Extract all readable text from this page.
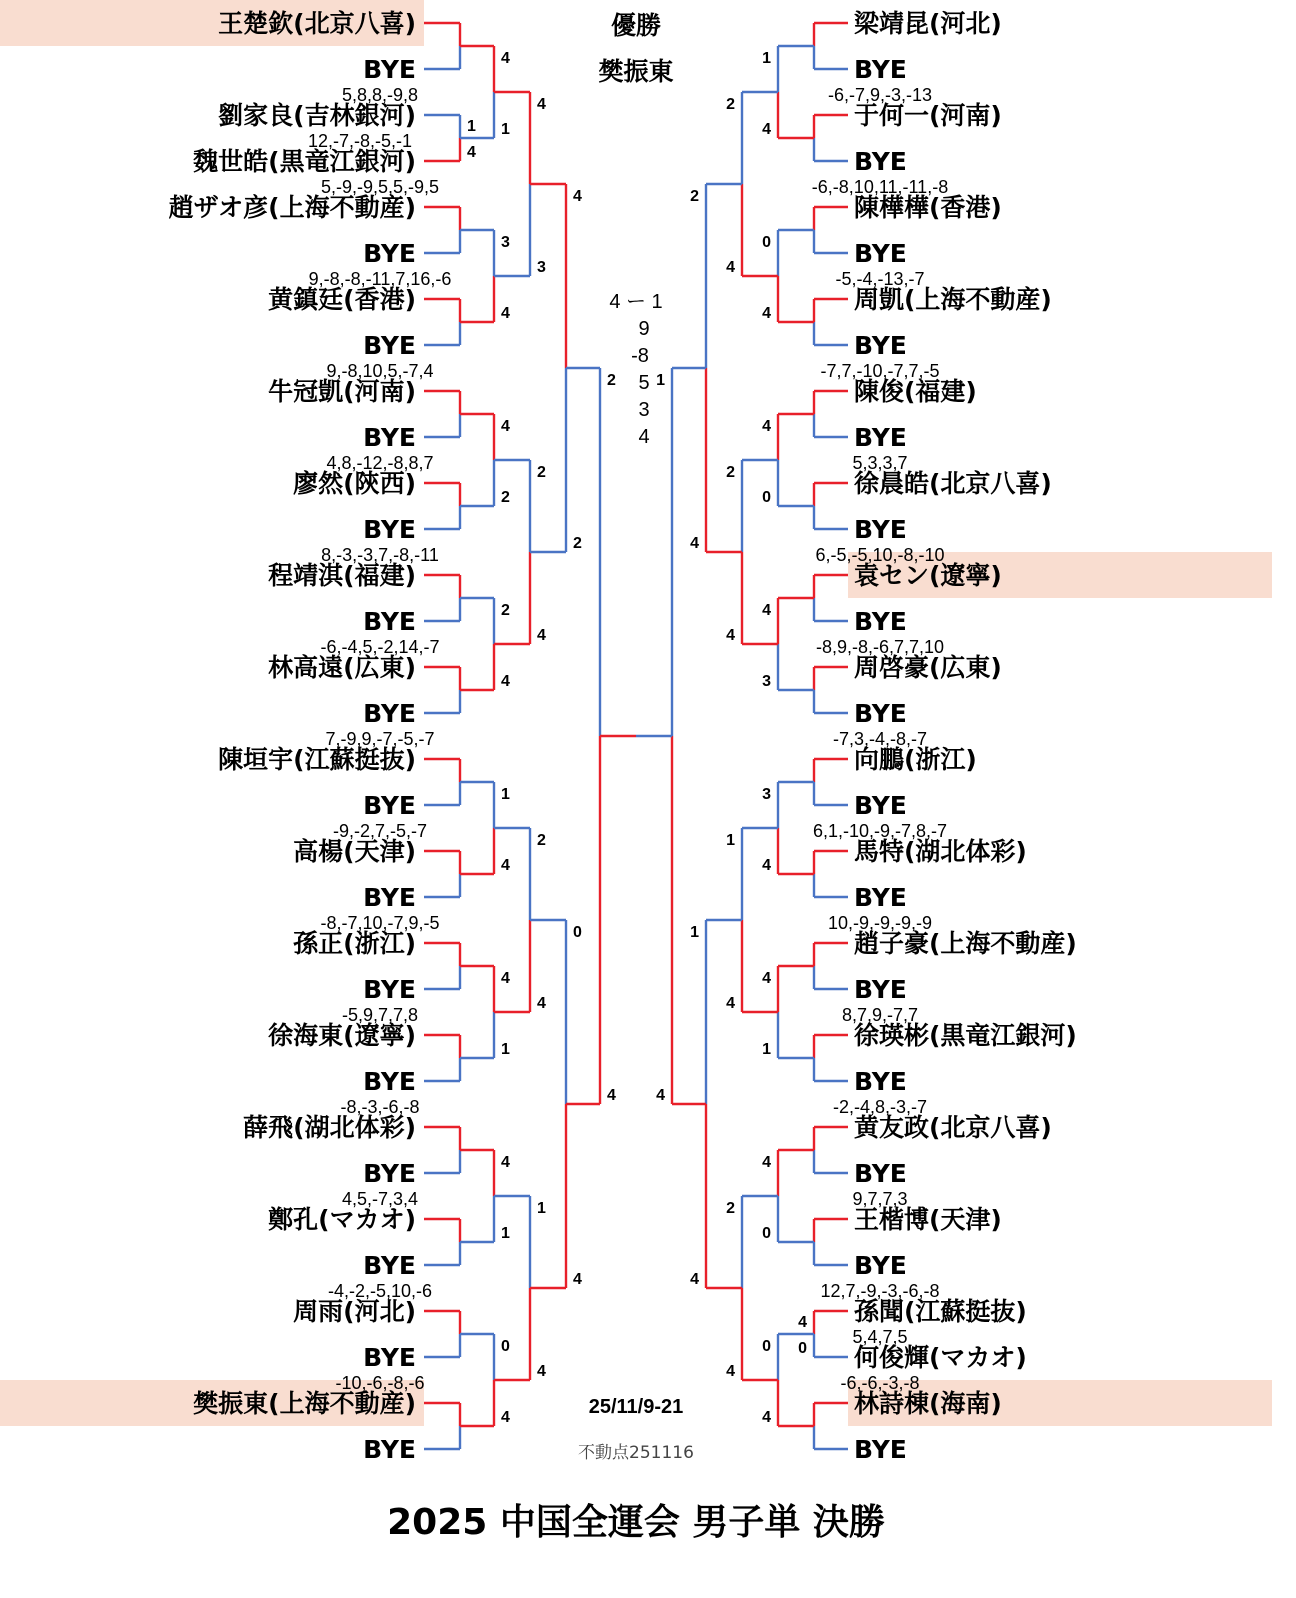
王楚欽(北京八喜)
BYE
劉家良(吉林銀河)
魏世皓(黒竜江銀河)
1
4
5,8,8,-9,8
12,-7,-8,-5,-1
趙ザオ彦(上海不動産)
BYE
5,-9,-9,5,5,-9,5
黄鎮廷(香港)
BYE
9,-8,-8,-11,7,16,-6
牛冠凱(河南)
BYE
9,-8,10,5,-7,4
廖然(陝西)
BYE
4,8,-12,-8,8,7
程靖淇(福建)
BYE
8,-3,-3,7,-8,-11
林高遠(広東)
BYE
-6,-4,5,-2,14,-7
陳垣宇(江蘇挺抜)
BYE
7,-9,9,-7,-5,-7
高楊(天津)
BYE
-9,-2,7,-5,-7
孫正(浙江)
BYE
-8,-7,10,-7,9,-5
徐海東(遼寧)
BYE
-5,9,7,7,8
薛飛(湖北体彩)
BYE
-8,-3,-6,-8
鄭孔(マカオ)
BYE
4,5,-7,3,4
周雨(河北)
BYE
-4,-2,-5,10,-6
樊振東(上海不動産)
BYE
-10,-6,-8,-6
4
1
3
4
4
2
2
4
1
4
4
1
4
1
0
4
4
3
2
4
2
4
1
4
4
2
0
4
2
4
梁靖昆(河北)
BYE
于何一(河南)
BYE
-6,-7,9,-3,-13
陳樺樺(香港)
BYE
-6,-8,10,11,-11,-8
周凱(上海不動産)
BYE
-5,-4,-13,-7
陳俊(福建)
BYE
-7,7,-10,-7,7,-5
徐晨皓(北京八喜)
BYE
5,3,3,7
袁セン(遼寧)
BYE
6,-5,-5,10,-8,-10
周啓豪(広東)
BYE
-8,9,-8,-6,7,7,10
向鵬(浙江)
BYE
-7,3,-4,-8,-7
馬特(湖北体彩)
BYE
6,1,-10,-9,-7,8,-7
趙子豪(上海不動産)
BYE
10,-9,-9,-9,-9
徐瑛彬(黒竜江銀河)
BYE
8,7,9,-7,7
黄友政(北京八喜)
BYE
-2,-4,8,-3,-7
王楷博(天津)
BYE
9,7,7,3
孫聞(江蘇挺抜)
何俊輝(マカオ)
4
0
12,7,-9,-3,-6,-8
5,4,7,5
林詩棟(海南)
BYE
-6,-6,-3,-8
1
4
0
4
4
0
4
3
3
4
4
1
4
0
0
4
2
4
2
4
1
4
2
4
2
4
1
4
1
4
優勝
樊振東
4 ー 1
9
-8
5
3
4
25/11/9-21
不動点251116
2025 中国全運会 男子単 決勝
